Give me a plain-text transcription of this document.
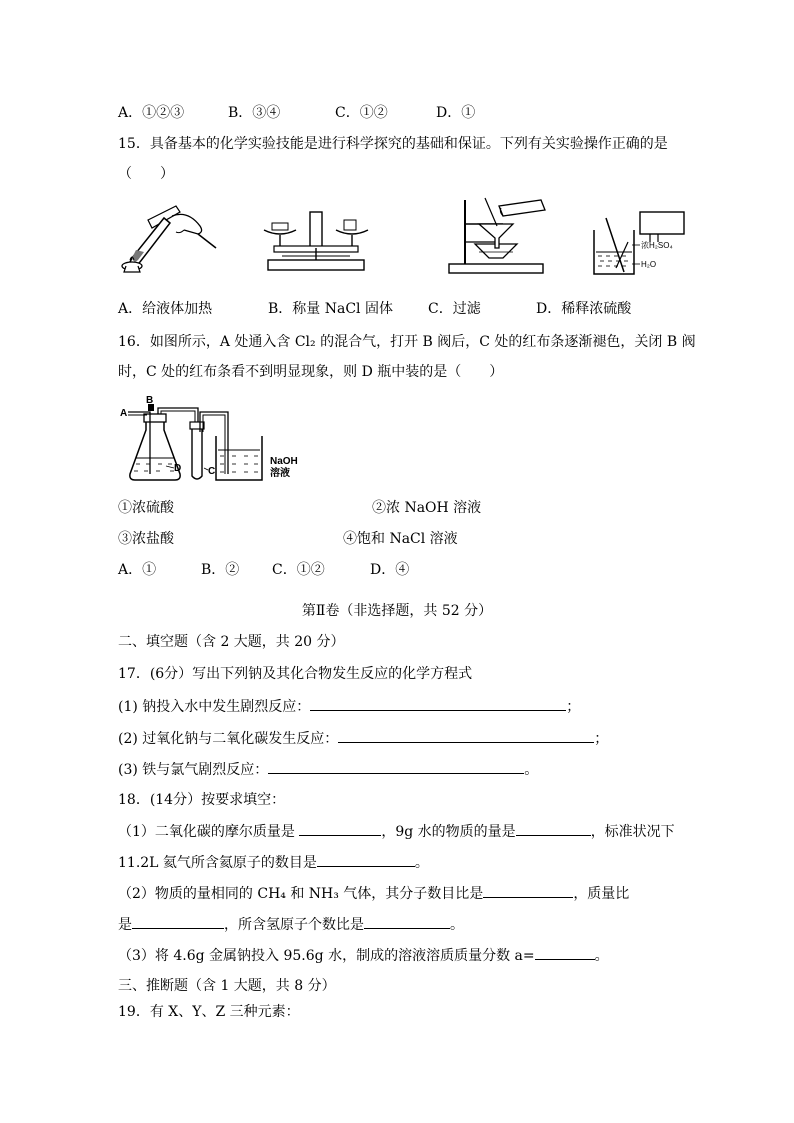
A．①②③	B．③④	C．①②	D．①
15．具备基本的化学实验技能是进行科学探究的基础和保证。下列有关实验操作正确的是
（　　）
浓H₂SO₄
H₂O
A．给液体加热	B．称量 NaCl 固体	C．过滤	D．稀释浓硫酸
16．如图所示，A 处通入含 Cl₂ 的混合气，打开 B 阀后，C 处的红布条逐渐褪色，关闭 B 阀
时，C 处的红布条看不到明显现象，则 D 瓶中装的是（　　）
A
B
C
D
NaOH
溶液
①浓硫酸	②浓 NaOH 溶液
③浓盐酸	④饱和 NaCl 溶液
A．①	B．② C．①②	D．④
第Ⅱ卷（非选择题，共 52 分）
二、填空题（含 2 大题，共 20 分）
17．(6分）写出下列钠及其化合物发生反应的化学方程式
(1) 钠投入水中发生剧烈反应：	；
(2) 过氧化钠与二氧化碳发生反应：	；
(3) 铁与氯气剧烈反应：	。
18．(14分）按要求填空：
（1）二氧化碳的摩尔质量是	，9g 水的物质的量是	，标准状况下
11.2L 氦气所含氦原子的数目是	。
（2）物质的量相同的 CH₄ 和 NH₃ 气体，其分子数目比是	，质量比
是	，所含氢原子个数比是	。
（3）将 4.6g 金属钠投入 95.6g 水，制成的溶液溶质质量分数 a=	。
三、推断题（含 1 大题，共 8 分）
19．有 X、Y、Z 三种元素：
